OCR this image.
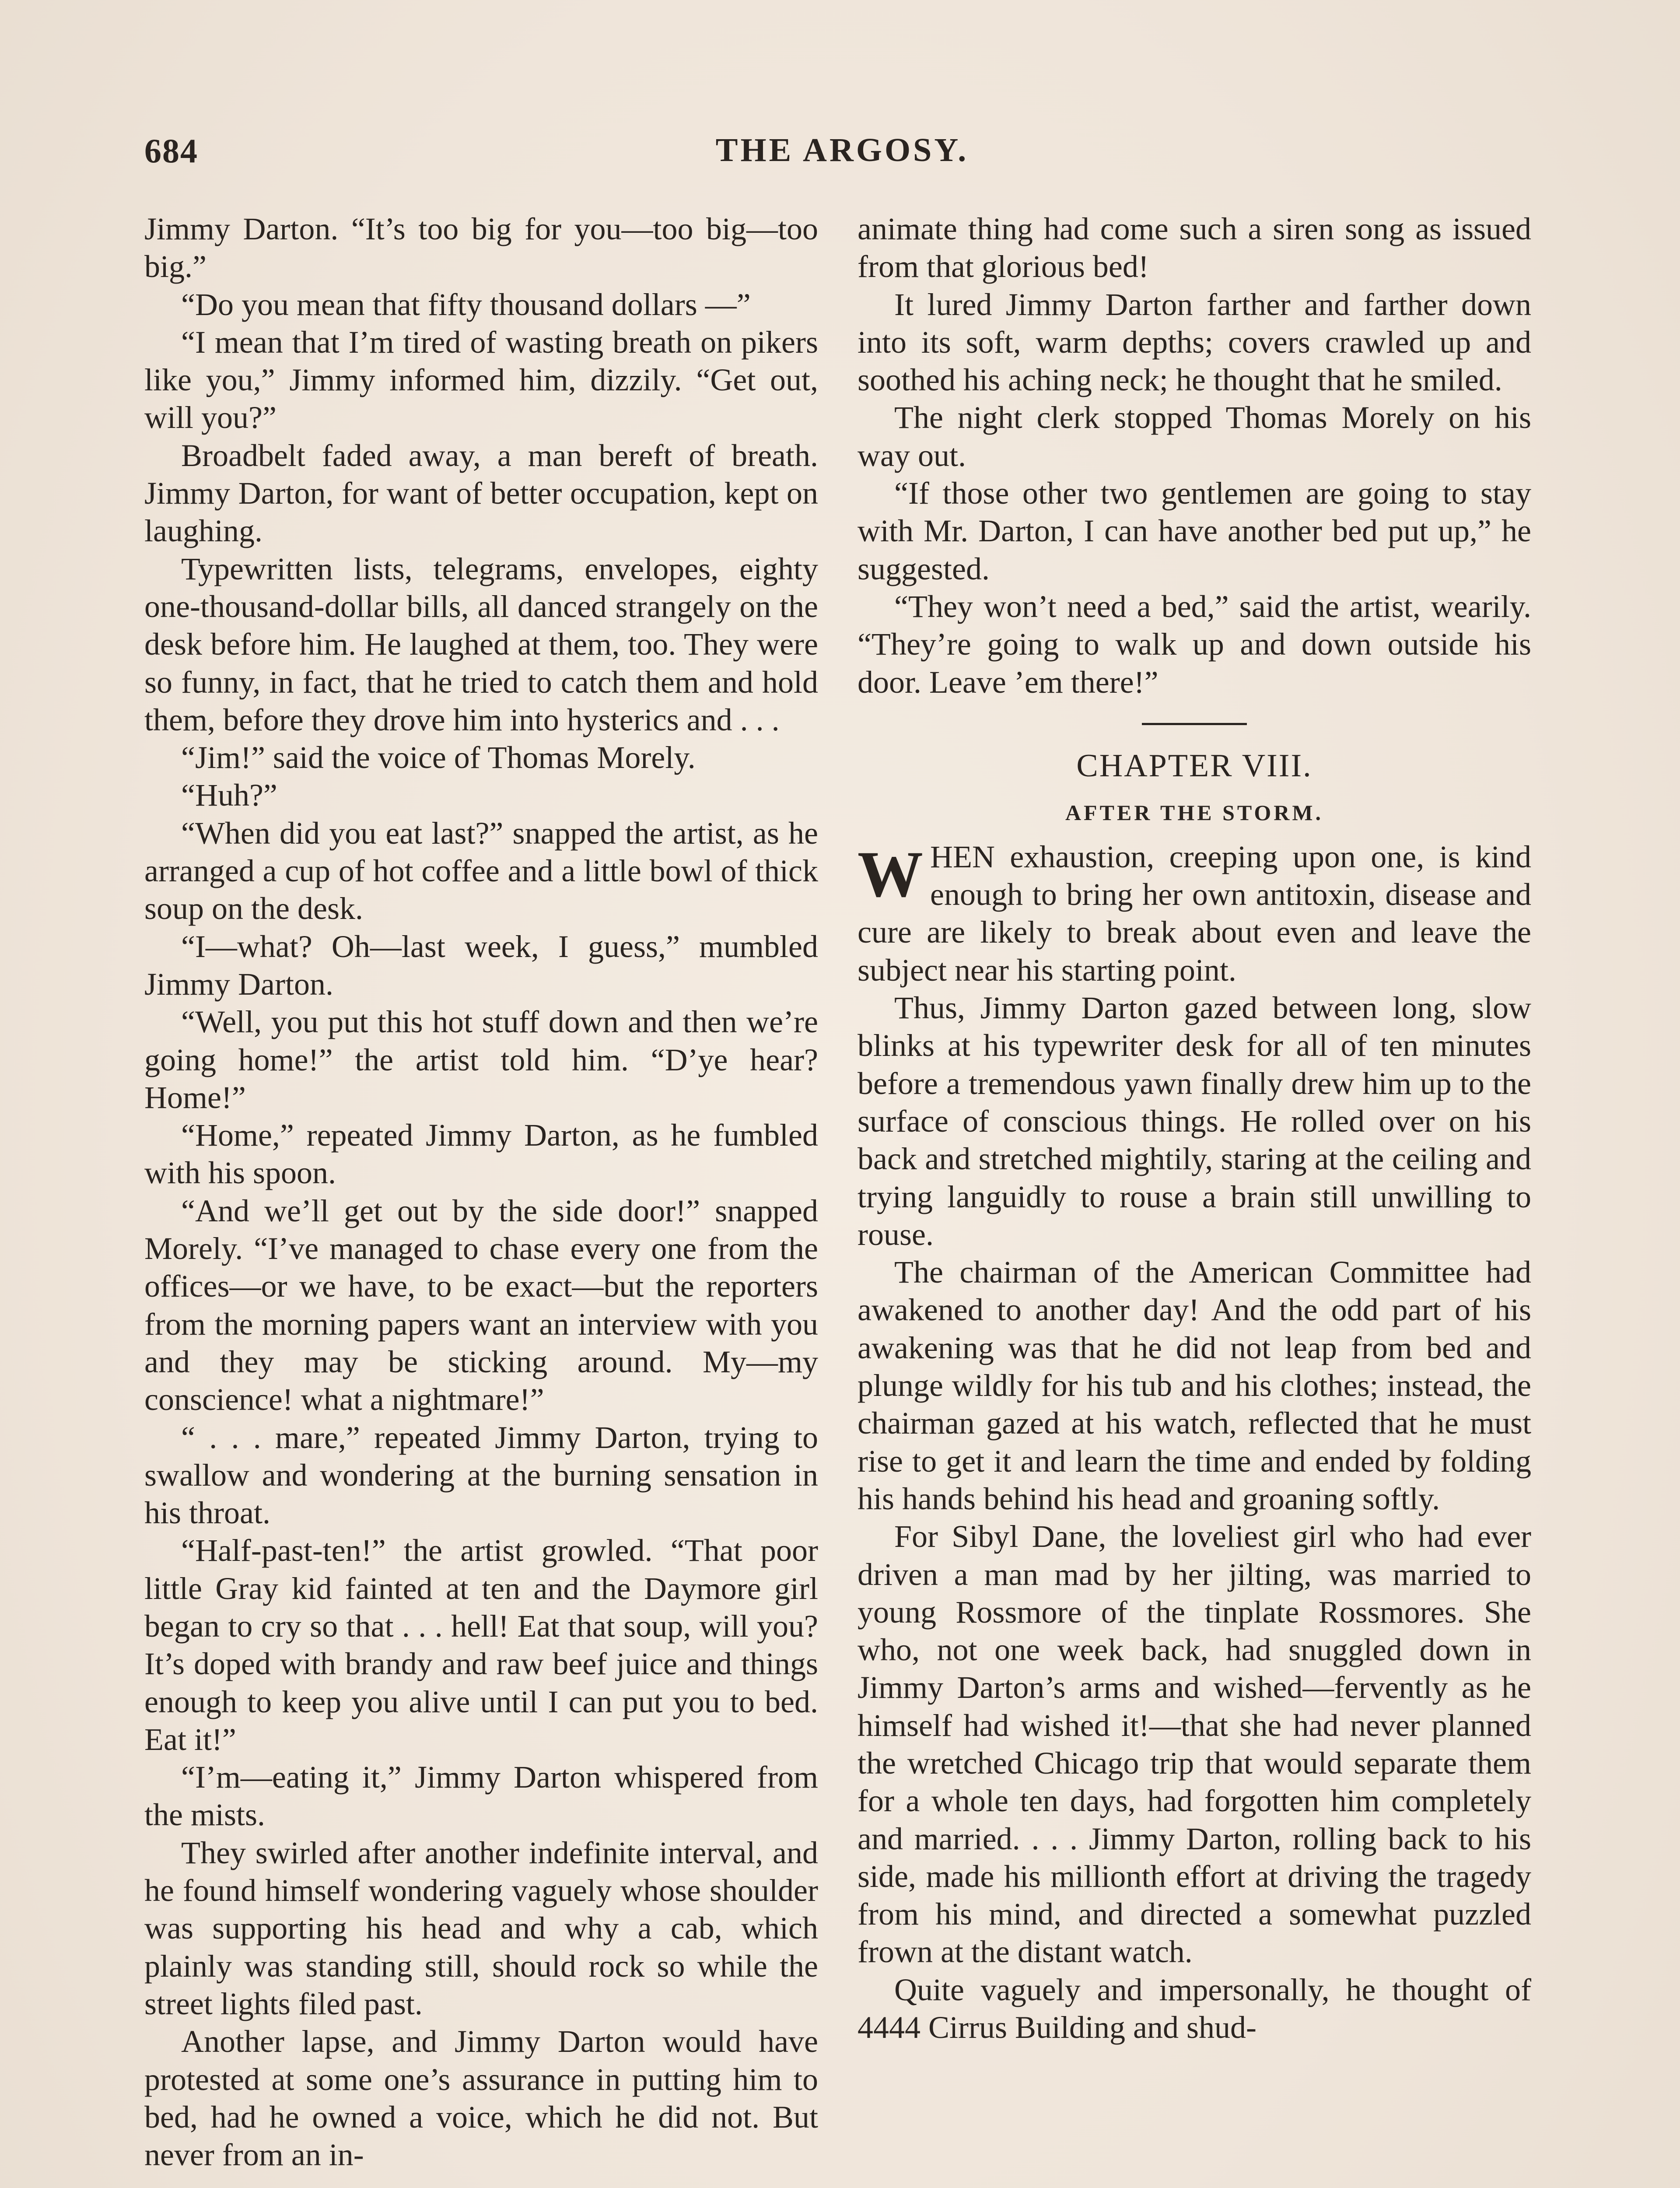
684	THE ARGOSY.

Jimmy Darton. “It’s too big for you—too big—too big.”

“Do you mean that fifty thousand dollars —”

“I mean that I’m tired of wasting breath on pikers like you,” Jimmy informed him, dizzily. “Get out, will you?”

Broadbelt faded away, a man bereft of breath. Jimmy Darton, for want of better occupation, kept on laughing.

Typewritten lists, telegrams, envelopes, eighty one-thousand-dollar bills, all danced strangely on the desk before him. He laughed at them, too. They were so funny, in fact, that he tried to catch them and hold them, before they drove him into hysterics and . . .

“Jim!” said the voice of Thomas Morely.

“Huh?”

“When did you eat last?” snapped the artist, as he arranged a cup of hot coffee and a little bowl of thick soup on the desk.

“I—what? Oh—last week, I guess,” mumbled Jimmy Darton.

“Well, you put this hot stuff down and then we’re going home!” the artist told him. “D’ye hear? Home!”

“Home,” repeated Jimmy Darton, as he fumbled with his spoon.

“And we’ll get out by the side door!” snapped Morely. “I’ve managed to chase every one from the offices—or we have, to be exact—but the reporters from the morning papers want an interview with you and they may be sticking around. My—my conscience! what a nightmare!”

“ . . . mare,” repeated Jimmy Darton, trying to swallow and wondering at the burning sensation in his throat.

“Half-past-ten!” the artist growled. “That poor little Gray kid fainted at ten and the Daymore girl began to cry so that . . . hell! Eat that soup, will you? It’s doped with brandy and raw beef juice and things enough to keep you alive until I can put you to bed. Eat it!”

“I’m—eating it,” Jimmy Darton whispered from the mists.

They swirled after another indefinite interval, and he found himself wondering vaguely whose shoulder was supporting his head and why a cab, which plainly was standing still, should rock so while the street lights filed past.

Another lapse, and Jimmy Darton would have protested at some one’s assurance in putting him to bed, had he owned a voice, which he did not. But never from an in-

animate thing had come such a siren song as issued from that glorious bed!

It lured Jimmy Darton farther and farther down into its soft, warm depths; covers crawled up and soothed his aching neck; he thought that he smiled.

The night clerk stopped Thomas Morely on his way out.

“If those other two gentlemen are going to stay with Mr. Darton, I can have another bed put up,” he suggested.

“They won’t need a bed,” said the artist, wearily. “They’re going to walk up and down outside his door. Leave ’em there!”

CHAPTER VIII.
AFTER THE STORM.

WHEN exhaustion, creeping upon one, is kind enough to bring her own antitoxin, disease and cure are likely to break about even and leave the subject near his starting point.

Thus, Jimmy Darton gazed between long, slow blinks at his typewriter desk for all of ten minutes before a tremendous yawn finally drew him up to the surface of conscious things. He rolled over on his back and stretched mightily, staring at the ceiling and trying languidly to rouse a brain still unwilling to rouse.

The chairman of the American Committee had awakened to another day! And the odd part of his awakening was that he did not leap from bed and plunge wildly for his tub and his clothes; instead, the chairman gazed at his watch, reflected that he must rise to get it and learn the time and ended by folding his hands behind his head and groaning softly.

For Sibyl Dane, the loveliest girl who had ever driven a man mad by her jilting, was married to young Rossmore of the tinplate Rossmores. She who, not one week back, had snuggled down in Jimmy Darton’s arms and wished—fervently as he himself had wished it!—that she had never planned the wretched Chicago trip that would separate them for a whole ten days, had forgotten him completely and married. . . . Jimmy Darton, rolling back to his side, made his millionth effort at driving the tragedy from his mind, and directed a somewhat puzzled frown at the distant watch.

Quite vaguely and impersonally, he thought of 4444 Cirrus Building and shud-
